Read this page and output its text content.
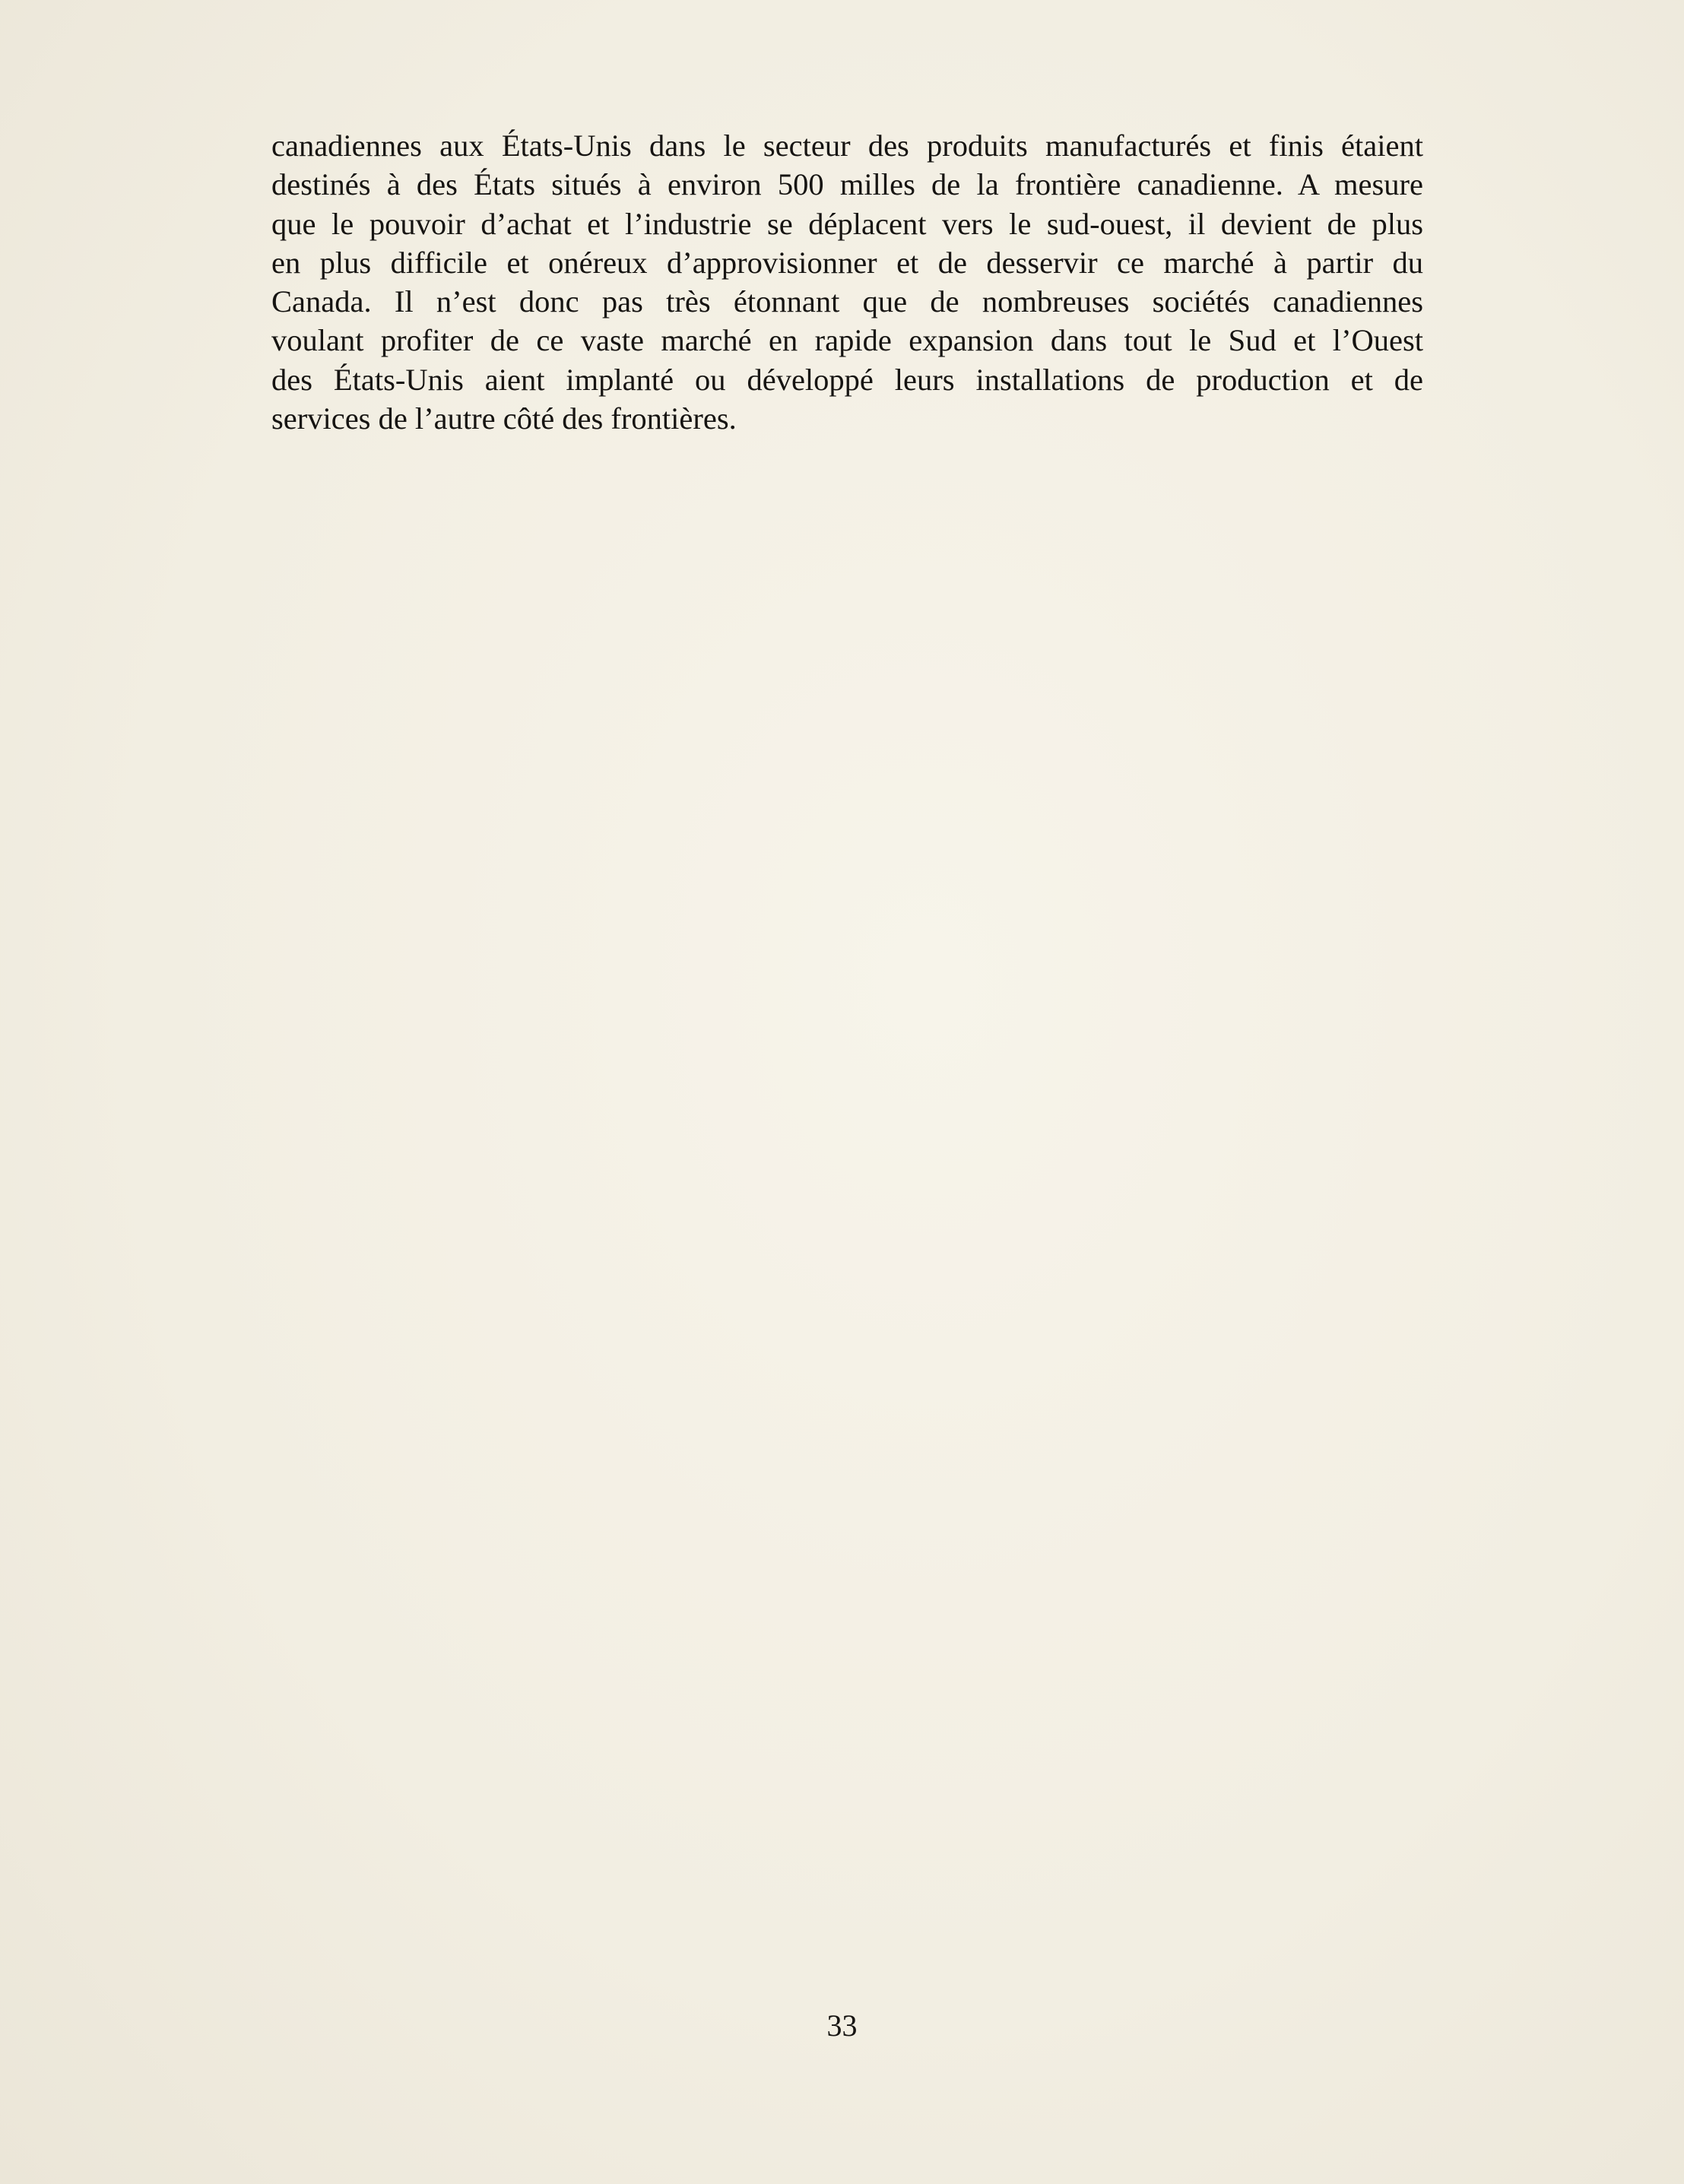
canadiennes aux États-Unis dans le secteur des produits manufacturés et finis étaient
destinés à des États situés à environ 500 milles de la frontière canadienne. A mesure
que le pouvoir d’achat et l’industrie se déplacent vers le sud-ouest, il devient de plus
en plus difficile et onéreux d’approvisionner et de desservir ce marché à partir du
Canada. Il n’est donc pas très étonnant que de nombreuses sociétés canadiennes
voulant profiter de ce vaste marché en rapide expansion dans tout le Sud et l’Ouest
des États-Unis aient implanté ou développé leurs installations de production et de
services de l’autre côté des frontières.

33
